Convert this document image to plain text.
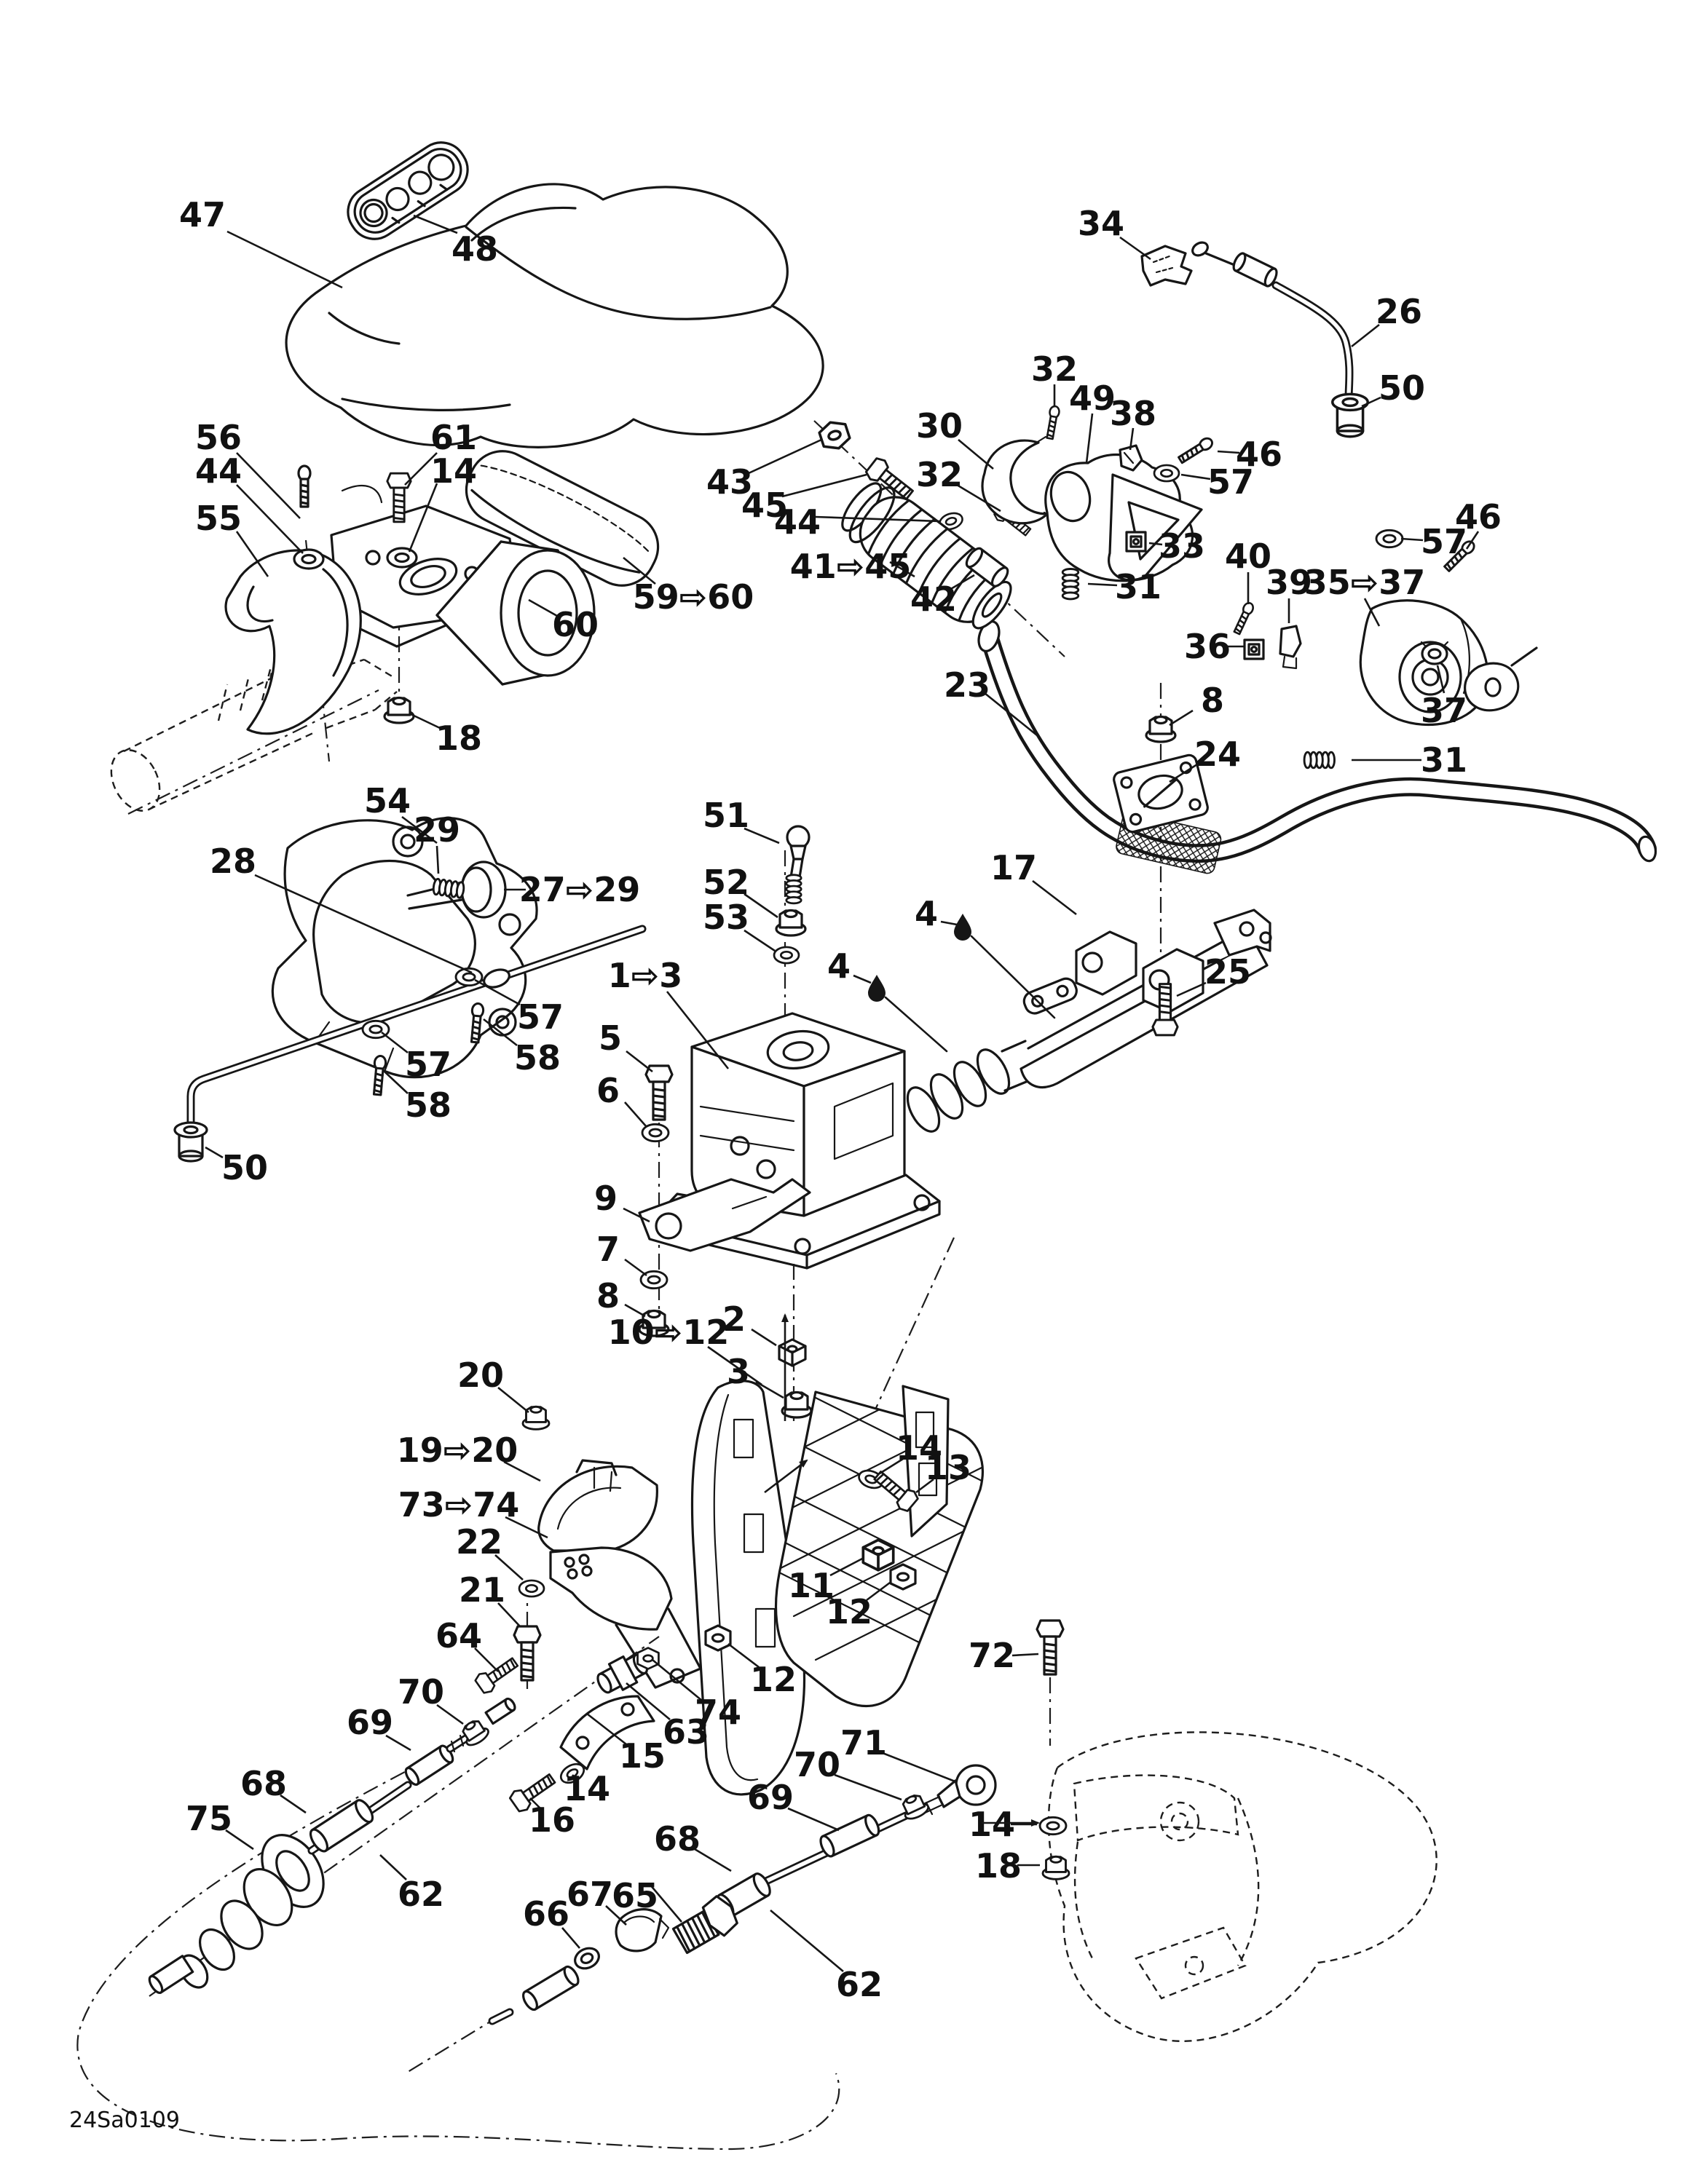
47
48
56
44
55
61
14
59⇨60
60
18
54
29
28
27⇨29
57
58
57
58
50
51
52
53
1⇨3
5
6
9
7
8
2
3
4
4
17
25
8
24
23
34
26
50
32
30
49
38
46
57
43
45
44
32
41⇨45
42
33
31
40
39
35⇨37
36
57
46
37
31
10⇨12
20
19⇨20
73⇨74
22
21
64
70
69
68
75
62
14
16
15
63
74
12
11
12
13
14
72
71
70
69
68
65
66
67
62
14
18
24Sa0109
